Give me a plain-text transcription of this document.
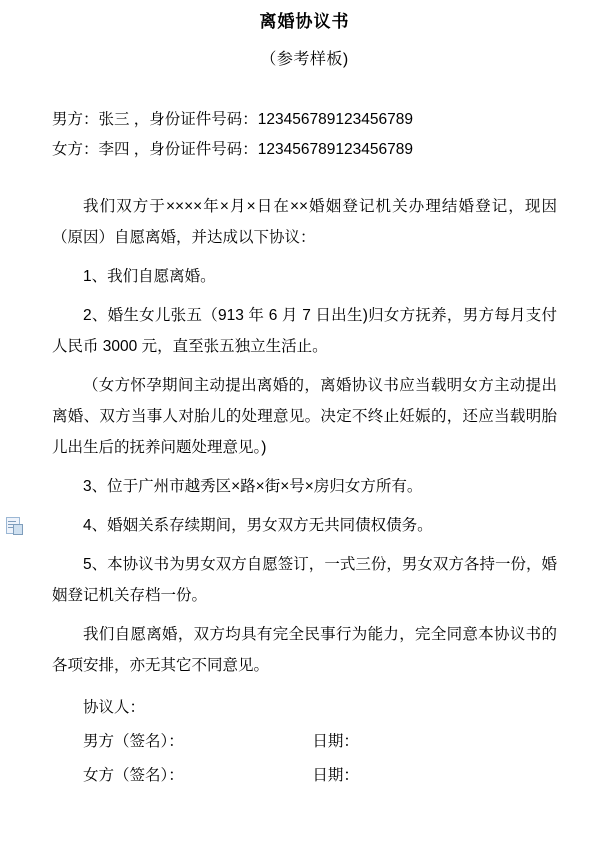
离婚协议书
（参考样板)
男方：张三 ，身份证件号码：123456789123456789
女方：李四 ，身份证件号码：123456789123456789

我们双方于××××年×月×日在××婚姻登记机关办理结婚登记，现因（原因）自愿离婚，并达成以下协议：

1、我们自愿离婚。

2、婚生女儿张五（913 年 6 月 7 日出生)归女方抚养，男方每月支付人民币 3000 元，直至张五独立生活止。

（女方怀孕期间主动提出离婚的，离婚协议书应当载明女方主动提出离婚、双方当事人对胎儿的处理意见。决定不终止妊娠的，还应当载明胎儿出生后的抚养问题处理意见。)

3、位于广州市越秀区×路×街×号×房归女方所有。

4、婚姻关系存续期间，男女双方无共同债权债务。

5、本协议书为男女双方自愿签订，一式三份，男女双方各持一份，婚姻登记机关存档一份。

我们自愿离婚，双方均具有完全民事行为能力，完全同意本协议书的各项安排，亦无其它不同意见。

协议人：
男方（签名）：	日期：
女方（签名）：	日期：
